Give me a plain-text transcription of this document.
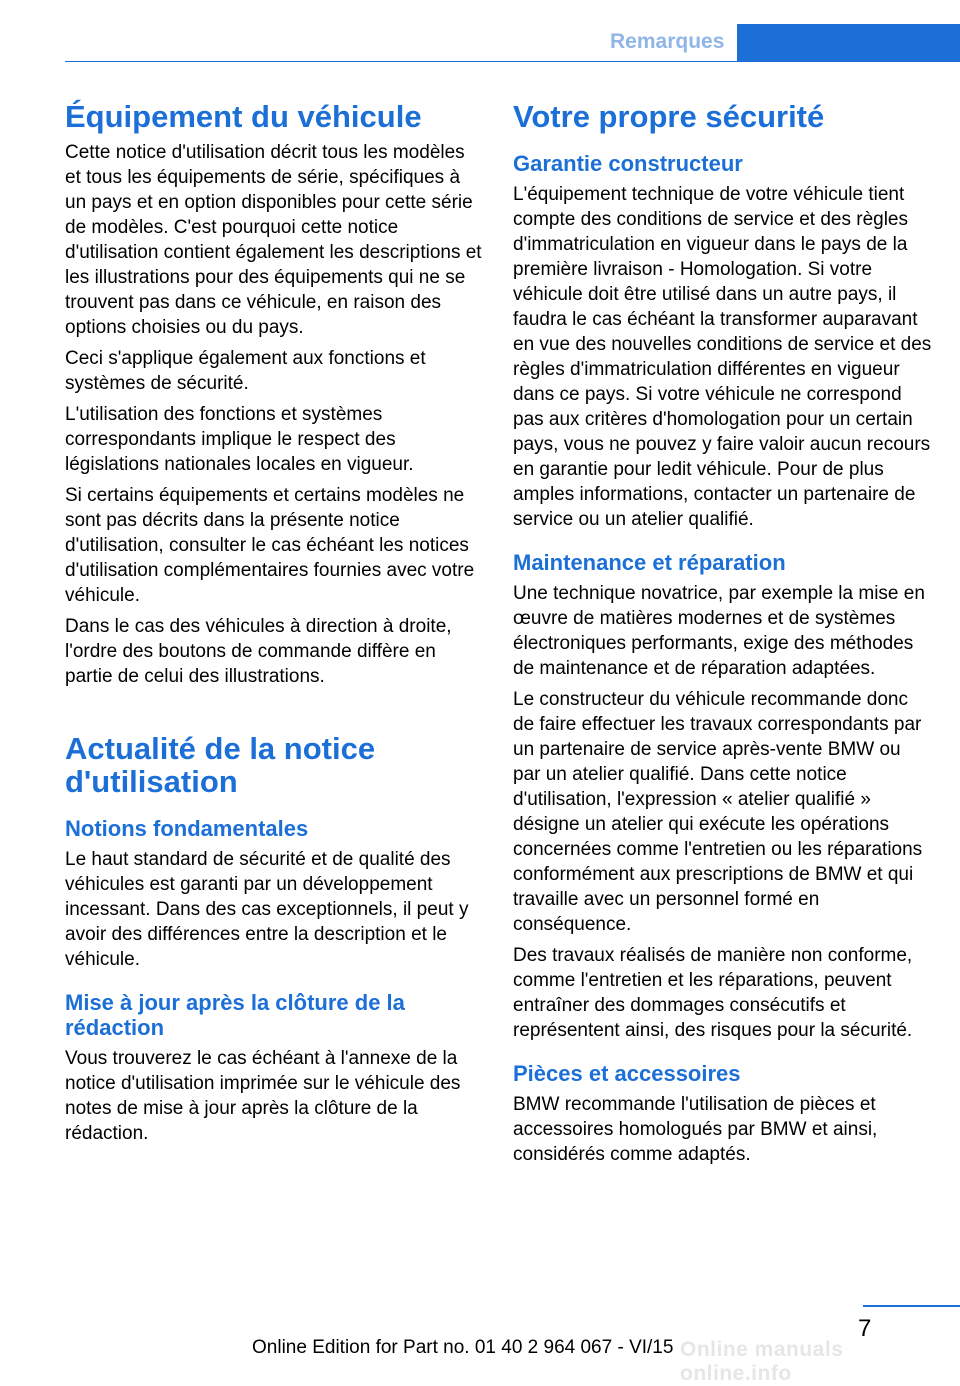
Remarques
Équipement du véhicule

Cette notice d'utilisation décrit tous les modèles et tous les équipements de série, spécifiques à un pays et en option disponibles pour cette série de modèles. C'est pourquoi cette notice d'utilisation contient également les descriptions et les illustrations pour des équipements qui ne se trouvent pas dans ce véhicule, en raison des options choisies ou du pays.

Ceci s'applique également aux fonctions et systèmes de sécurité.

L'utilisation des fonctions et systèmes correspondants implique le respect des législations nationales locales en vigueur.

Si certains équipements et certains modèles ne sont pas décrits dans la présente notice d'utilisation, consulter le cas échéant les notices d'utilisation complémentaires fournies avec votre véhicule.

Dans le cas des véhicules à direction à droite, l'ordre des boutons de commande diffère en partie de celui des illustrations.

Actualité de la notice d'utilisation
Notions fondamentales

Le haut standard de sécurité et de qualité des véhicules est garanti par un développement incessant. Dans des cas exceptionnels, il peut y avoir des différences entre la description et le véhicule.

Mise à jour après la clôture de la rédaction

Vous trouverez le cas échéant à l'annexe de la notice d'utilisation imprimée sur le véhicule des notes de mise à jour après la clôture de la rédaction.

Votre propre sécurité
Garantie constructeur

L'équipement technique de votre véhicule tient compte des conditions de service et des règles d'immatriculation en vigueur dans le pays de la première livraison - Homologation. Si votre véhicule doit être utilisé dans un autre pays, il faudra le cas échéant la transformer auparavant en vue des nouvelles conditions de service et des règles d'immatriculation différentes en vigueur dans ce pays. Si votre véhicule ne correspond pas aux critères d'homologation pour un certain pays, vous ne pouvez y faire valoir aucun recours en garantie pour ledit véhicule. Pour de plus amples informations, contacter un partenaire de service ou un atelier qualifié.

Maintenance et réparation

Une technique novatrice, par exemple la mise en œuvre de matières modernes et de systèmes électroniques performants, exige des méthodes de maintenance et de réparation adaptées.

Le constructeur du véhicule recommande donc de faire effectuer les travaux correspondants par un partenaire de service après-vente BMW ou par un atelier qualifié. Dans cette notice d'utilisation, l'expression « atelier qualifié » désigne un atelier qui exécute les opérations concernées comme l'entretien ou les réparations conformément aux prescriptions de BMW et qui travaille avec un personnel formé en conséquence.

Des travaux réalisés de manière non conforme, comme l'entretien et les réparations, peuvent entraîner des dommages consécutifs et représentent ainsi, des risques pour la sécurité.

Pièces et accessoires

BMW recommande l'utilisation de pièces et accessoires homologués par BMW et ainsi, considérés comme adaptés.

7
Online Edition for Part no. 01 40 2 964 067 - VI/15 Online manuals online.info
